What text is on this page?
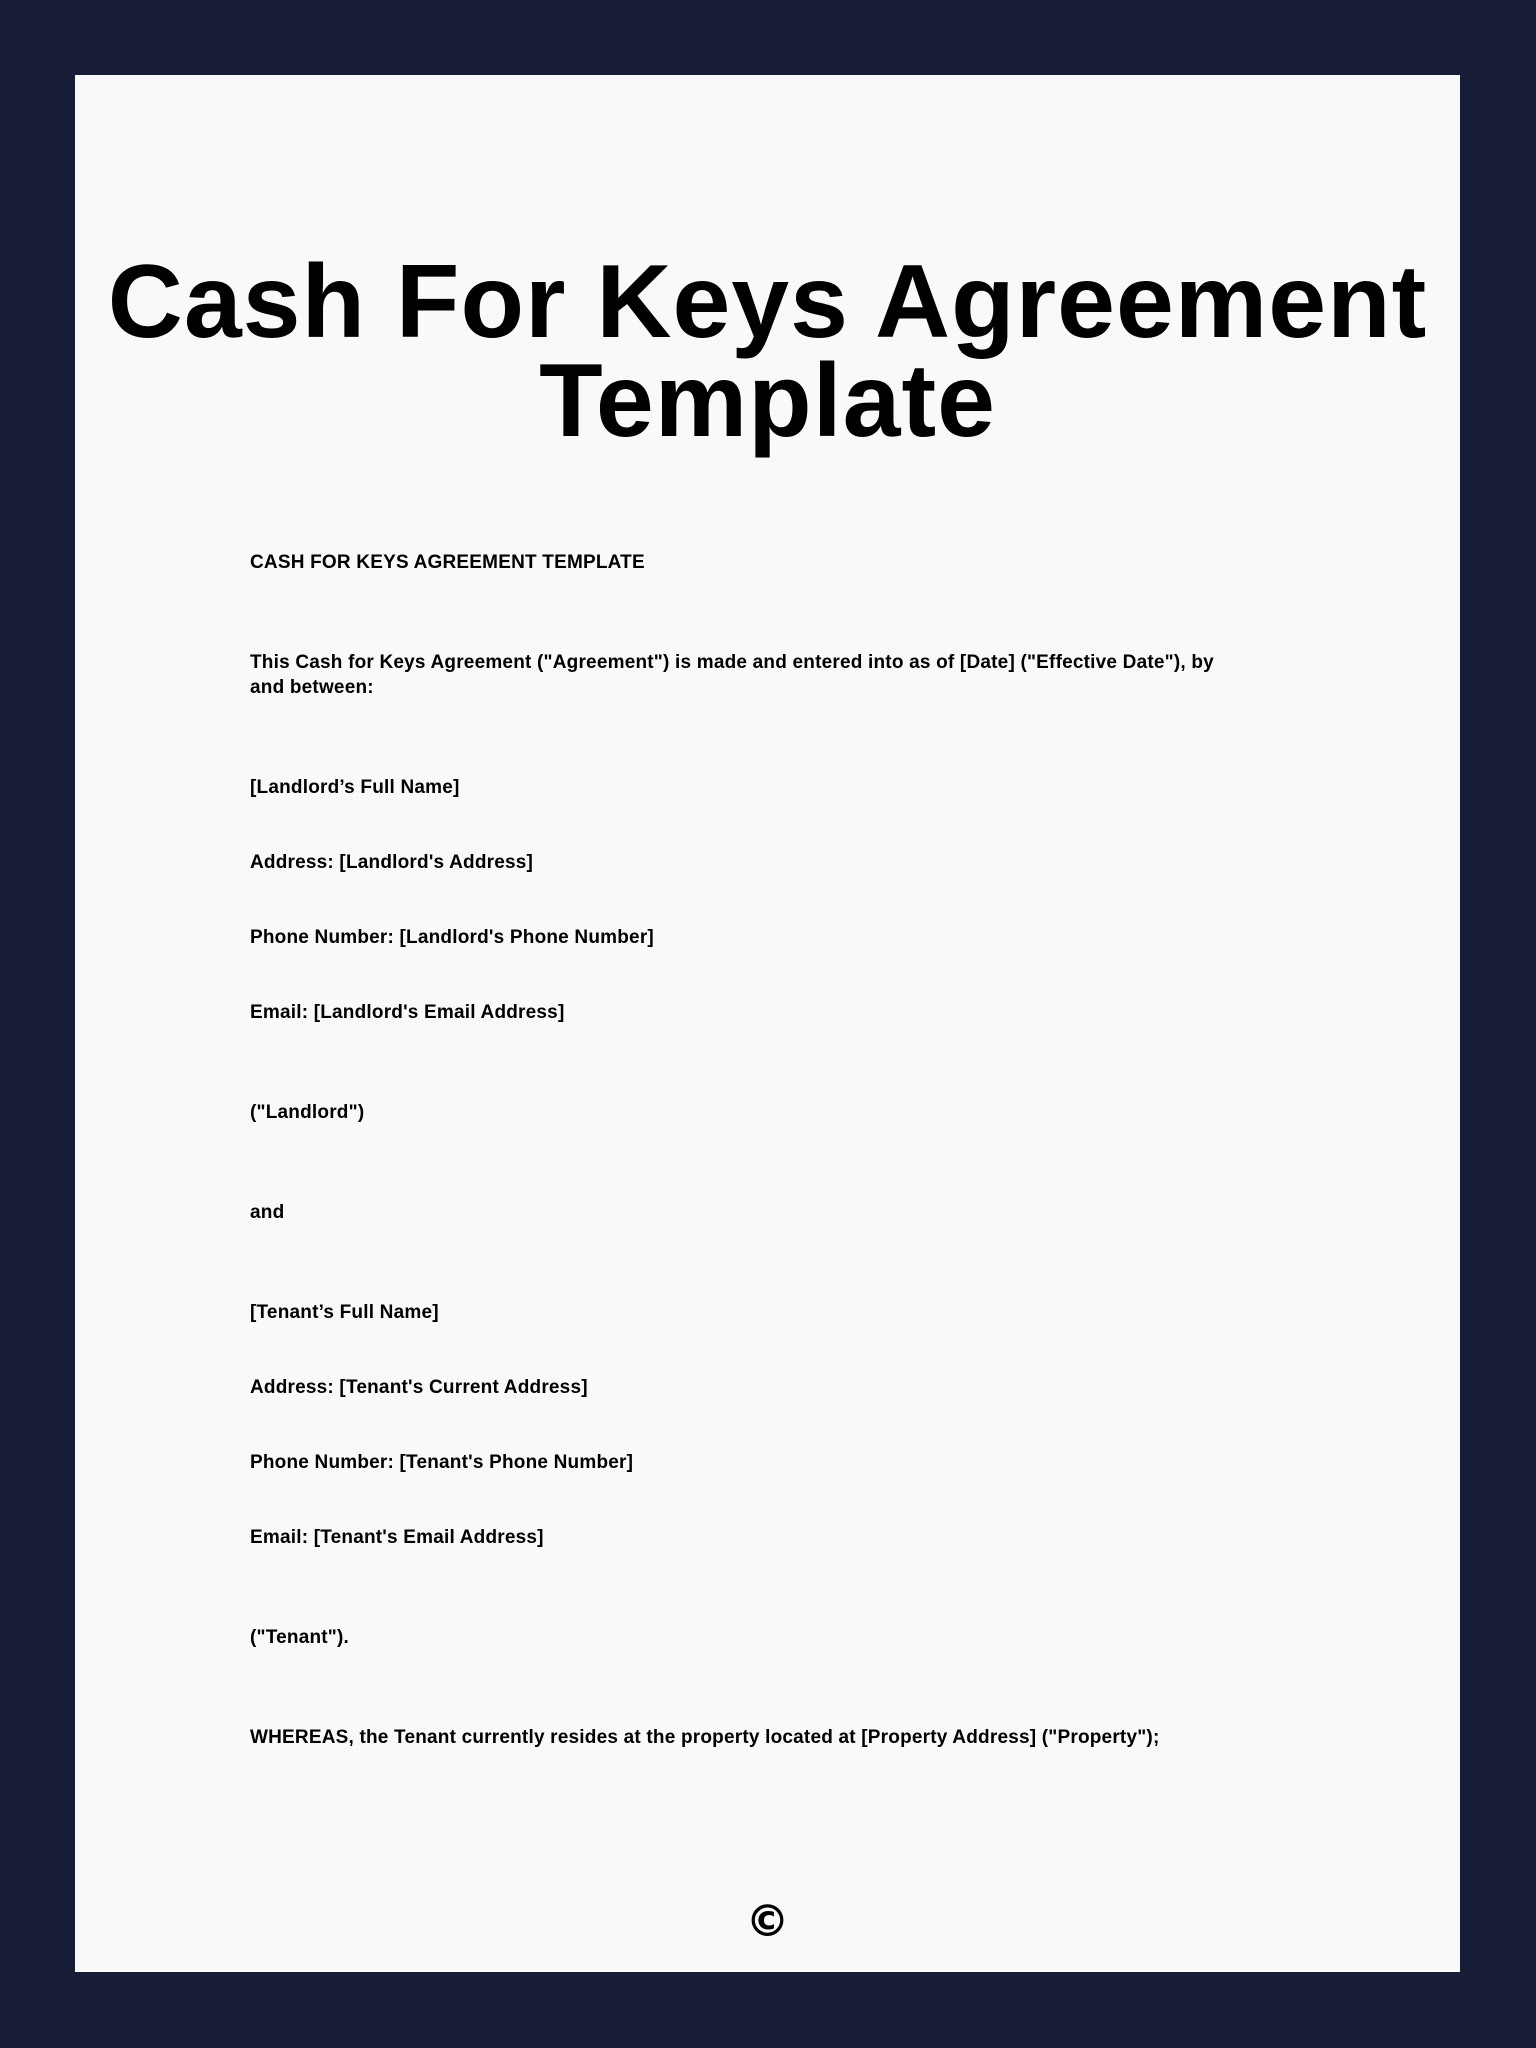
Cash For Keys Agreement Template

CASH FOR KEYS AGREEMENT TEMPLATE

This Cash for Keys Agreement ("Agreement") is made and entered into as of [Date] ("Effective Date"), by and between:

[Landlord’s Full Name]

Address: [Landlord's Address]

Phone Number: [Landlord's Phone Number]

Email: [Landlord's Email Address]

("Landlord")

and

[Tenant’s Full Name]

Address: [Tenant's Current Address]

Phone Number: [Tenant's Phone Number]

Email: [Tenant's Email Address]

("Tenant").

WHEREAS, the Tenant currently resides at the property located at [Property Address] ("Property");

©
